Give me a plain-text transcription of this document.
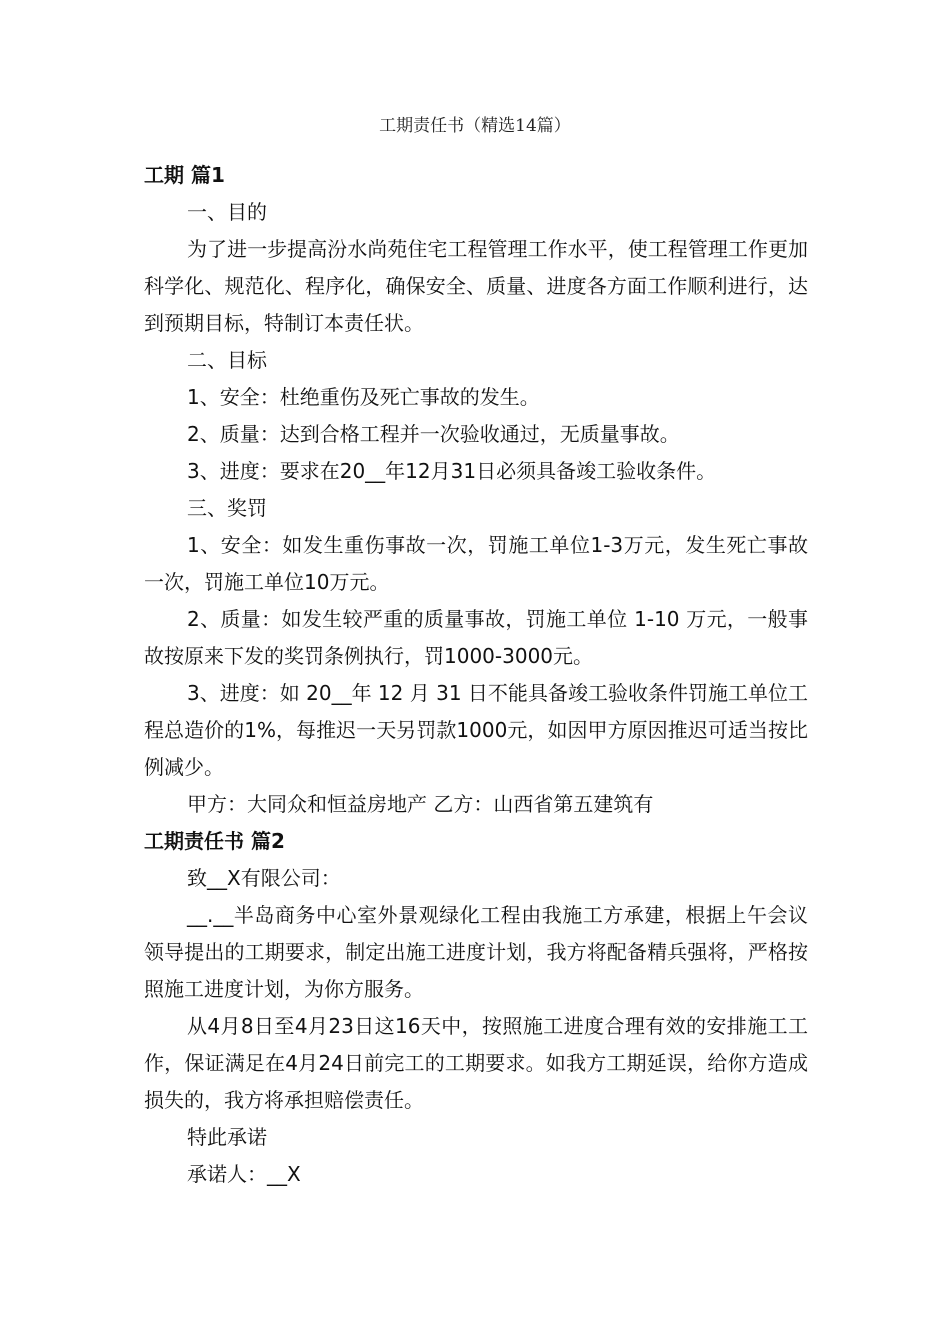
工期责任书（精选14篇）

工期 篇1

一、目的

为了进一步提高汾水尚苑住宅工程管理工作水平，使工程管理工作更加科学化、规范化、程序化，确保安全、质量、进度各方面工作顺利进行，达到预期目标，特制订本责任状。

二、目标

1、安全：杜绝重伤及死亡事故的发生。

2、质量：达到合格工程并一次验收通过，无质量事故。

3、进度：要求在20__年12月31日必须具备竣工验收条件。

三、奖罚

1、安全：如发生重伤事故一次，罚施工单位1-3万元，发生死亡事故一次，罚施工单位10万元。

2、质量：如发生较严重的质量事故，罚施工单位 1-10 万元，一般事故按原来下发的奖罚条例执行，罚1000-3000元。

3、进度：如 20__年 12 月 31 日不能具备竣工验收条件罚施工单位工程总造价的1%，每推迟一天另罚款1000元，如因甲方原因推迟可适当按比例减少。

甲方：大同众和恒益房地产 乙方：山西省第五建筑有

工期责任书 篇2

致__X有限公司：

__.__半岛商务中心室外景观绿化工程由我施工方承建，根据上午会议领导提出的工期要求，制定出施工进度计划，我方将配备精兵强将，严格按照施工进度计划，为你方服务。

从4月8日至4月23日这16天中，按照施工进度合理有效的安排施工工作，保证满足在4月24日前完工的工期要求。如我方工期延误，给你方造成损失的，我方将承担赔偿责任。

特此承诺

承诺人：__X
